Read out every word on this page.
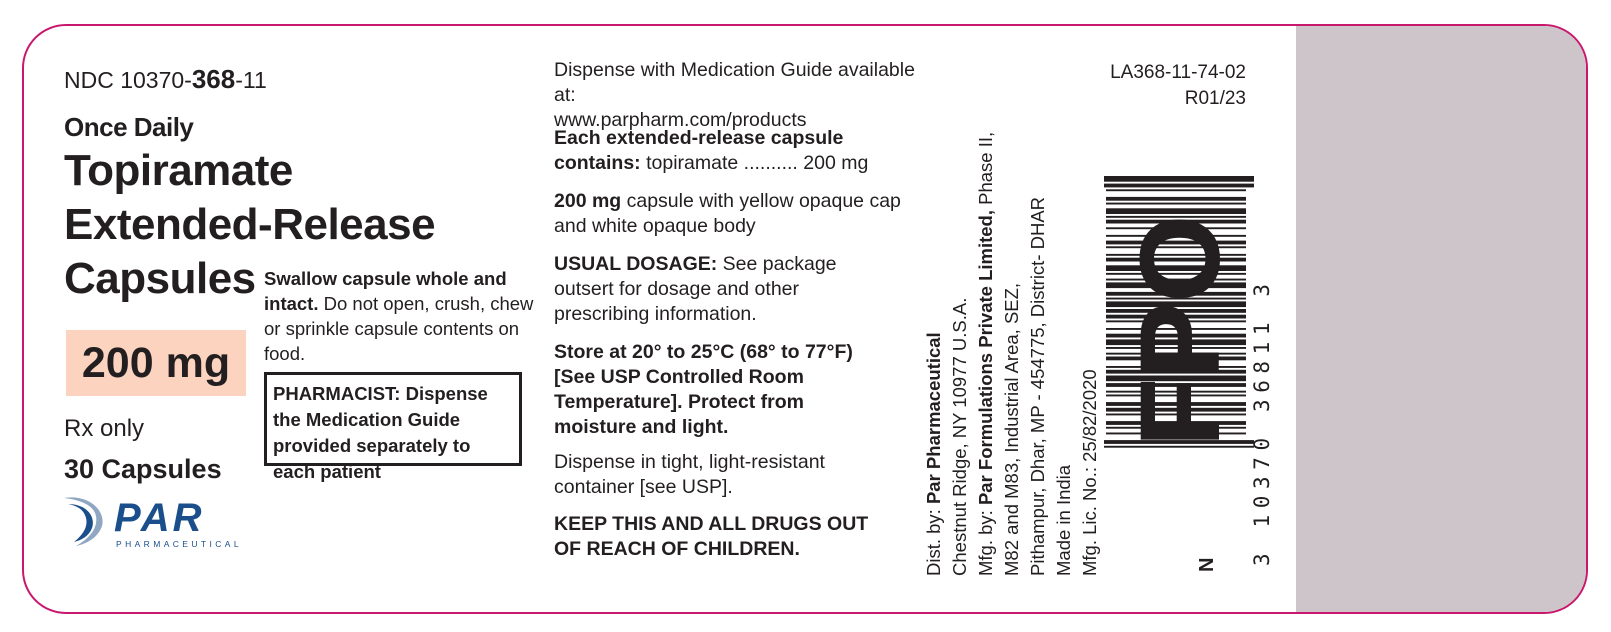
NDC 10370-368-11
Once Daily
Topiramate
Extended-Release
Capsules
200 mg
Rx only
30 Capsules
Swallow capsule whole and intact. Do not open, crush, chew or sprinkle capsule contents on food.
PHARMACIST: Dispense the Medication Guide provided separately to each patient
PAR
PHARMACEUTICAL
Dispense with Medication Guide available at:
www.parpharm.com/products
Each extended-release capsule contains: topiramate .......... 200 mg
200 mg capsule with yellow opaque cap and white opaque body
USUAL DOSAGE: See package outsert for dosage and other prescribing information.
Store at 20° to 25°C (68° to 77°F) [See USP Controlled Room Temperature]. Protect from moisture and light.
Dispense in tight, light-resistant container [see USP].
KEEP THIS AND ALL DRUGS OUT OF REACH OF CHILDREN.	Dist. by: Par Pharmaceutical Chestnut Ridge, NY 10977 U.S.A. Mfg. by: Par Formulations Private Limited, Phase II,
M82 and M83, Industrial Area, SEZ, Pithampur, Dhar, MP - 454775, District- DHAR Made in India Mfg. Lic. No.: 25/82/2020
LA368-11-74-02
R01/23
FPO 3 10370 36811 3
N
